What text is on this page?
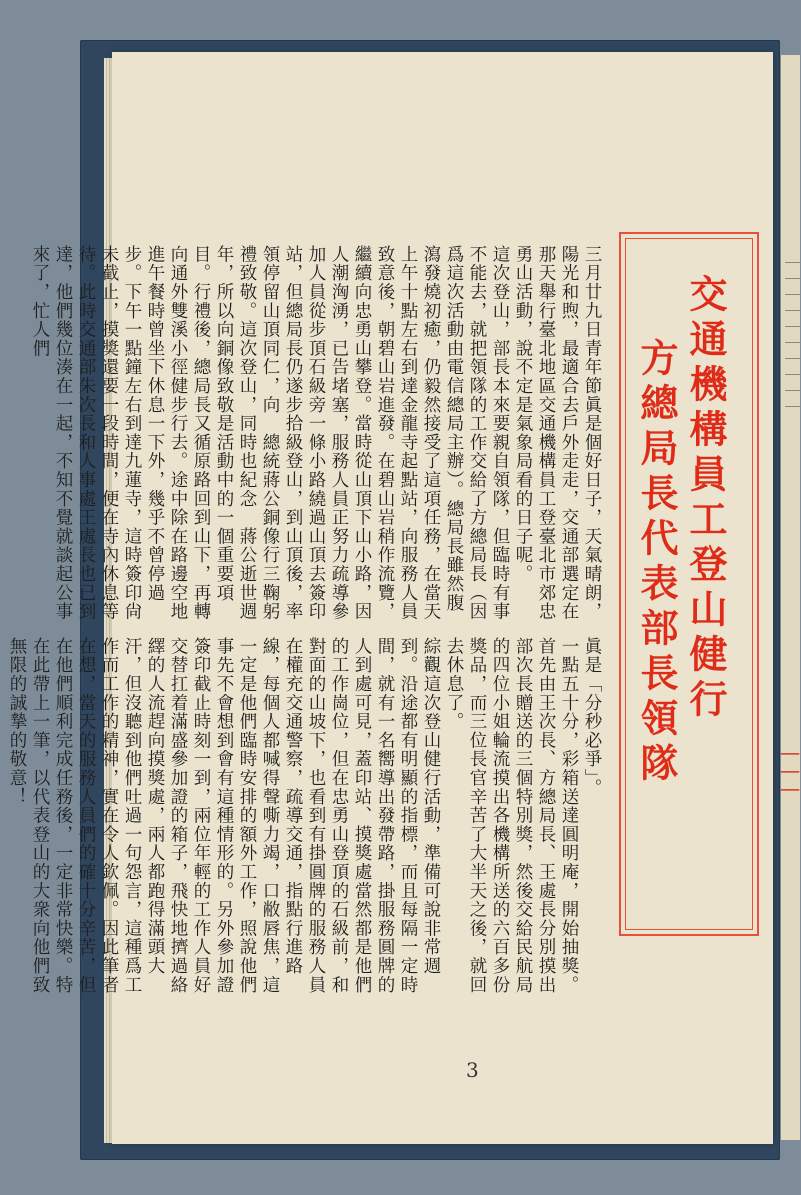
｜｜｜｜｜｜｜｜｜｜
｜｜｜
交通機構員工登山健行
方總局長代表部長領隊
三月廿九日青年節眞是個好日子，天氣晴朗，陽光和煦，最適合去戶外走走，交通部選定在那天舉行臺北地區交通機構員工登臺北市郊忠勇山活動，說不定是氣象局看的日子呢。
這次登山，部長本來要親自領隊，但臨時有事不能去，就把領隊的工作交給了方總局長（因爲這次活動由電信總局主辦）。總局長雖然腹瀉發燒初癒，仍毅然接受了這項任務，在當天上午十點左右到達金龍寺起點站，向服務人員致意後，朝碧山岩進發。在碧山岩稍作流覽，繼續向忠勇山攀登。當時從山頂下山小路，因人潮洶湧，已告堵塞，服務人員正努力疏導參加人員從步頂石級旁一條小路繞過山頂去簽印站，但總局長仍遂步拾級登山，到山頂後，率領停留山頂同仁，向　總統蔣公銅像行三鞠躬禮致敬。這次登山，同時也紀念　蔣公逝世週年，所以向銅像致敬是活動中的一個重要項目。行禮後，總局長又循原路回到山下，再轉向通外雙溪小徑健步行去。途中除在路邊空地進午餐時曾坐下休息一下外，幾乎不曾停過步。下午一點鐘左右到達九蓮寺，這時簽印尙未截止，摸獎還要一段時間，便在寺內休息等待。此時交通部朱次長和人事處王處長也已到達，他們幾位湊在一起，不知不覺就談起公事來了，忙人們
眞是「分秒必爭」。
一點五十分，彩箱送達圓明庵，開始抽獎。首先由王次長、方總局長、王處長分別摸出部次長贈送的三個特別獎，然後交給民航局的四位小姐輪流摸出各機構所送的六百多份獎品，而三位長官辛苦了大半天之後，就回去休息了。
綜觀這次登山健行活動，準備可說非常週到。沿途都有明顯的指標，而且每隔一定時間，就有一名嚮導出發帶路，掛服務圓牌的人到處可見，蓋印站、摸獎處當然都是他們的工作崗位，但在忠勇山登頂的石級前，和對面的山坡下，也看到有掛圓牌的服務人員在權充交通警察，疏導交通，指點行進路線，每個人都喊得聲嘶力竭，口敝唇焦，這一定是他們臨時安排的額外工作，照說他們事先不會想到會有這種情形的。另外參加證簽印截止時刻一到，兩位年輕的工作人員好交替扛着滿盛參加證的箱子，飛快地擠過絡繹的人流趕向摸獎處，兩人都跑得滿頭大汗，但沒聽到他們吐過一句怨言，這種爲工作而工作的精神，實在令人欽佩。因此筆者在想，當天的服務人員們的確十分辛苦，但在他們順利完成任務後，一定非常快樂。特在此帶上一筆，以代表登山的大衆向他們致無限的誠摯的敬意！
3
